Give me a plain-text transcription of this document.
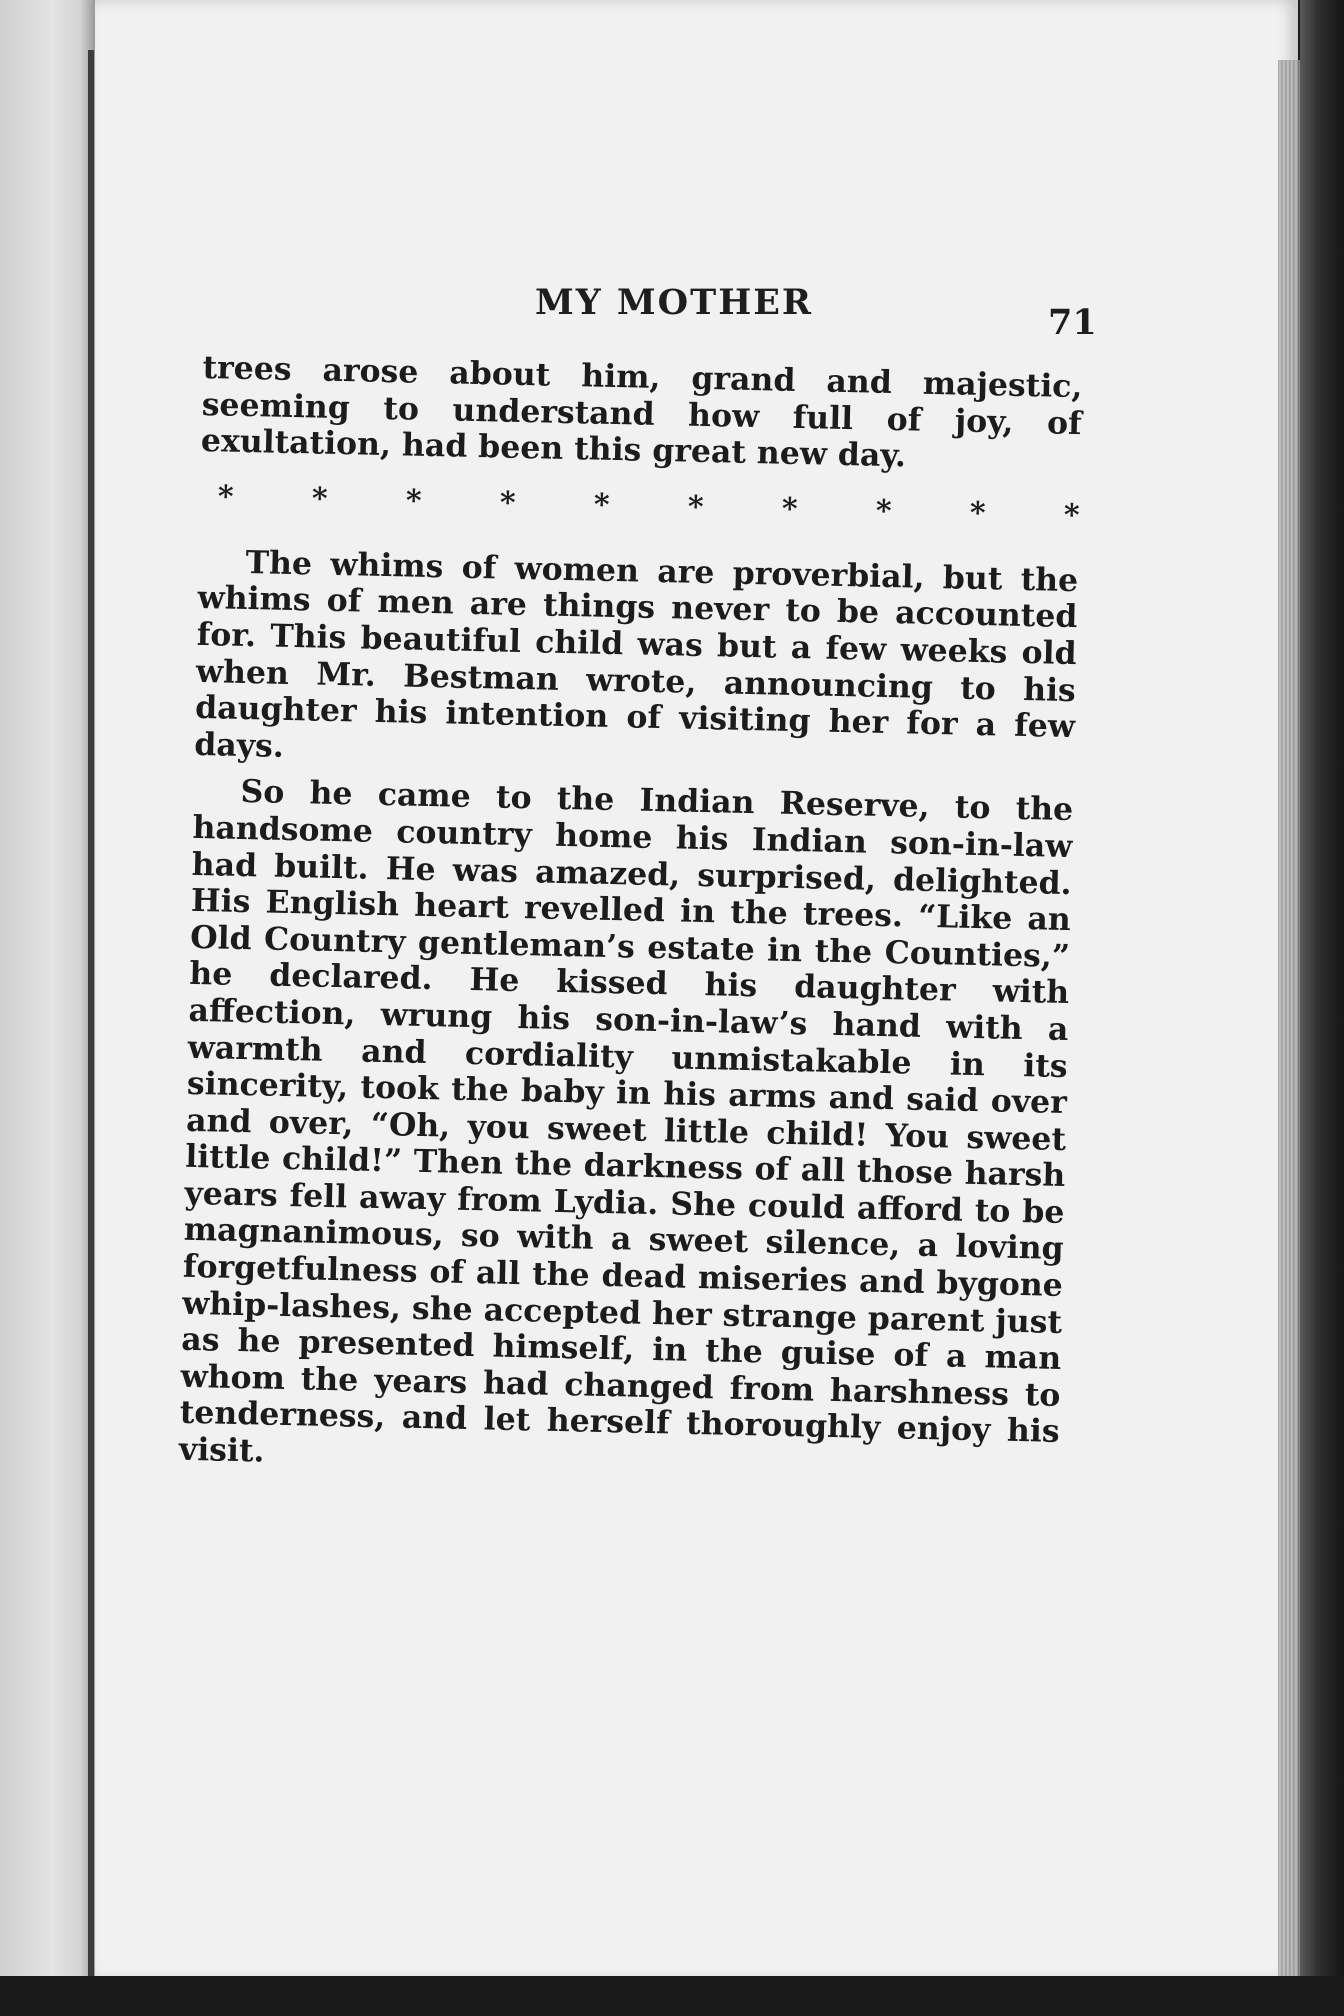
MY MOTHER	71

trees arose about him, grand and majestic, seeming to understand how full of joy, of exultation, had been this great new day.

*	*	*	*	*	*	*	*	*	*

The whims of women are proverbial, but the whims of men are things never to be accounted for. This beautiful child was but a few weeks old when Mr. Bestman wrote, announcing to his daughter his intention of visiting her for a few days.

So he came to the Indian Reserve, to the handsome country home his Indian son-in-law had built. He was amazed, surprised, delighted. His English heart revelled in the trees. “Like an Old Country gentleman’s estate in the Counties,” he declared. He kissed his daughter with affection, wrung his son-in-law’s hand with a warmth and cordiality unmistakable in its sincerity, took the baby in his arms and said over and over, “Oh, you sweet little child! You sweet little child!” Then the darkness of all those harsh years fell away from Lydia. She could afford to be magnanimous, so with a sweet silence, a loving forgetfulness of all the dead miseries and bygone whip-lashes, she accepted her strange parent just as he presented himself, in the guise of a man whom the years had changed from harshness to tenderness, and let herself thoroughly enjoy his visit.
